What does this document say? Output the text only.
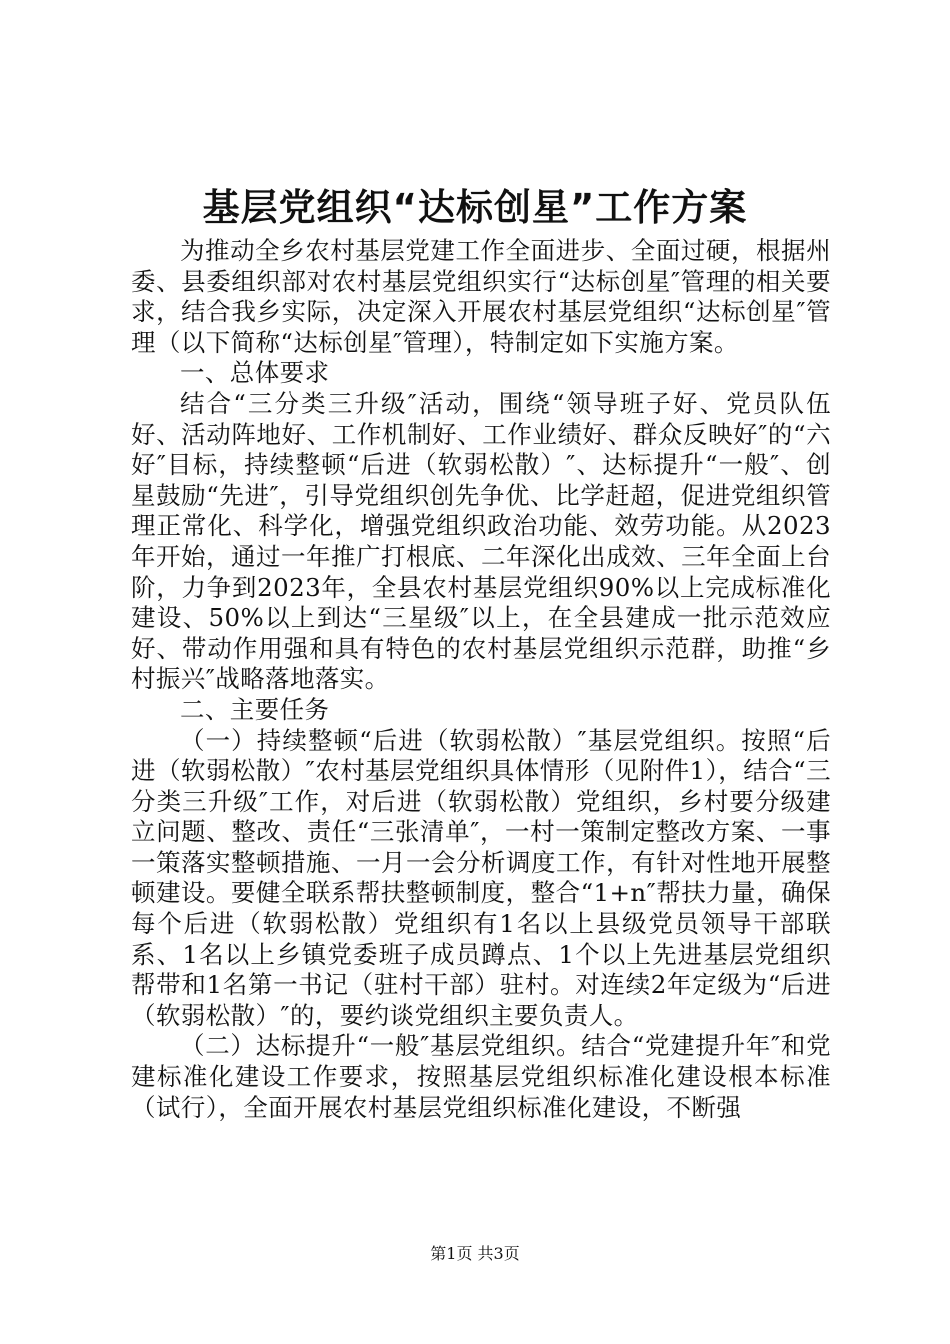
基层党组织“达标创星”工作方案

为推动全乡农村基层党建工作全面进步、全面过硬，根据州委、县委组织部对农村基层党组织实行“达标创星″管理的相关要求，结合我乡实际，决定深入开展农村基层党组织“达标创星″管理（以下简称“达标创星″管理），特制定如下实施方案。

一、总体要求

结合“三分类三升级″活动，围绕“领导班子好、党员队伍好、活动阵地好、工作机制好、工作业绩好、群众反映好″的“六好″目标，持续整顿“后进（软弱松散）″、达标提升“一般″、创星鼓励“先进″，引导党组织创先争优、比学赶超，促进党组织管理正常化、科学化，增强党组织政治功能、效劳功能。从2023年开始，通过一年推广打根底、二年深化出成效、三年全面上台阶，力争到2023年，全县农村基层党组织90%以上完成标准化建设、50%以上到达“三星级″以上，在全县建成一批示范效应好、带动作用强和具有特色的农村基层党组织示范群，助推“乡村振兴″战略落地落实。

二、主要任务

（一）持续整顿“后进（软弱松散）″基层党组织。按照“后进（软弱松散）″农村基层党组织具体情形（见附件1），结合“三分类三升级″工作，对后进（软弱松散）党组织，乡村要分级建立问题、整改、责任“三张清单″，一村一策制定整改方案、一事一策落实整顿措施、一月一会分析调度工作，有针对性地开展整顿建设。要健全联系帮扶整顿制度，整合“1+n″帮扶力量，确保每个后进（软弱松散）党组织有1名以上县级党员领导干部联系、1名以上乡镇党委班子成员蹲点、1个以上先进基层党组织帮带和1名第一书记（驻村干部）驻村。对连续2年定级为“后进（软弱松散）″的，要约谈党组织主要负责人。

（二）达标提升“一般″基层党组织。结合“党建提升年″和党建标准化建设工作要求，按照基层党组织标准化建设根本标准（试行），全面开展农村基层党组织标准化建设，不断强

第1页 共3页
